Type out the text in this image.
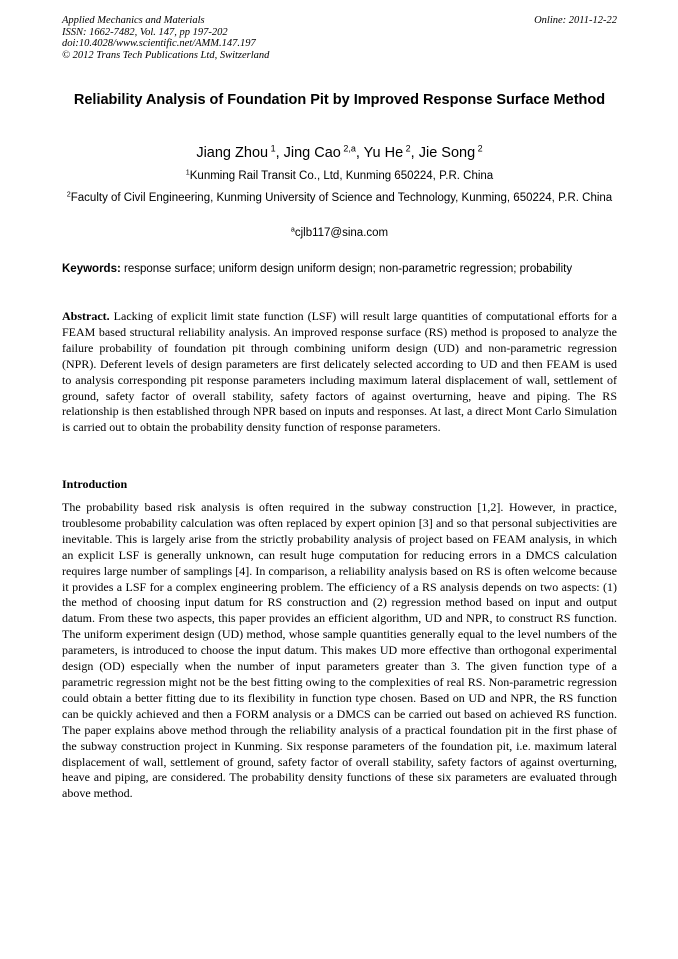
Applied Mechanics and Materials
ISSN: 1662-7482, Vol. 147, pp 197-202
doi:10.4028/www.scientific.net/AMM.147.197
© 2012 Trans Tech Publications Ltd, Switzerland
Online: 2011-12-22
Reliability Analysis of Foundation Pit by Improved Response Surface Method
Jiang Zhou $^1$, Jing Cao $^{2,a}$, Yu He $^2$, Jie Song $^2$
$^1$Kunming Rail Transit Co., Ltd, Kunming 650224, P.R. China
$^2$Faculty of Civil Engineering, Kunming University of Science and Technology, Kunming, 650224, P.R. China
$^a$cjlb117@sina.com
Keywords: response surface; uniform design uniform design; non-parametric regression; probability
Abstract. Lacking of explicit limit state function (LSF) will result large quantities of computational efforts for a FEAM based structural reliability analysis. An improved response surface (RS) method is proposed to analyze the failure probability of foundation pit through combining uniform design (UD) and non-parametric regression (NPR). Deferent levels of design parameters are first delicately selected according to UD and then FEAM is used to analysis corresponding pit response parameters including maximum lateral displacement of wall, settlement of ground, safety factor of overall stability, safety factors of against overturning, heave and piping. The RS relationship is then established through NPR based on inputs and responses. At last, a direct Mont Carlo Simulation is carried out to obtain the probability density function of response parameters.
Introduction
The probability based risk analysis is often required in the subway construction [1,2]. However, in practice, troublesome probability calculation was often replaced by expert opinion [3] and so that personal subjectivities are inevitable. This is largely arise from the strictly probability analysis of project based on FEAM analysis, in which an explicit LSF is generally unknown, can result huge computation for reducing errors in a DMCS calculation requires large number of samplings [4]. In comparison, a reliability analysis based on RS is often welcome because it provides a LSF for a complex engineering problem. The efficiency of a RS analysis depends on two aspects: (1) the method of choosing input datum for RS construction and (2) regression method based on input and output datum. From these two aspects, this paper provides an efficient algorithm, UD and NPR, to construct RS function. The uniform experiment design (UD) method, whose sample quantities generally equal to the level numbers of the parameters, is introduced to choose the input datum. This makes UD more effective than orthogonal experimental design (OD) especially when the number of input parameters greater than 3. The given function type of a parametric regression might not be the best fitting owing to the complexities of real RS. Non-parametric regression could obtain a better fitting due to its flexibility in function type chosen. Based on UD and NPR, the RS function can be quickly achieved and then a FORM analysis or a DMCS can be carried out based on achieved RS function. The paper explains above method through the reliability analysis of a practical foundation pit in the first phase of the subway construction project in Kunming. Six response parameters of the foundation pit, i.e. maximum lateral displacement of wall, settlement of ground, safety factor of overall stability, safety factors of against overturning, heave and piping, are considered. The probability density functions of these six parameters are evaluated through above method.
